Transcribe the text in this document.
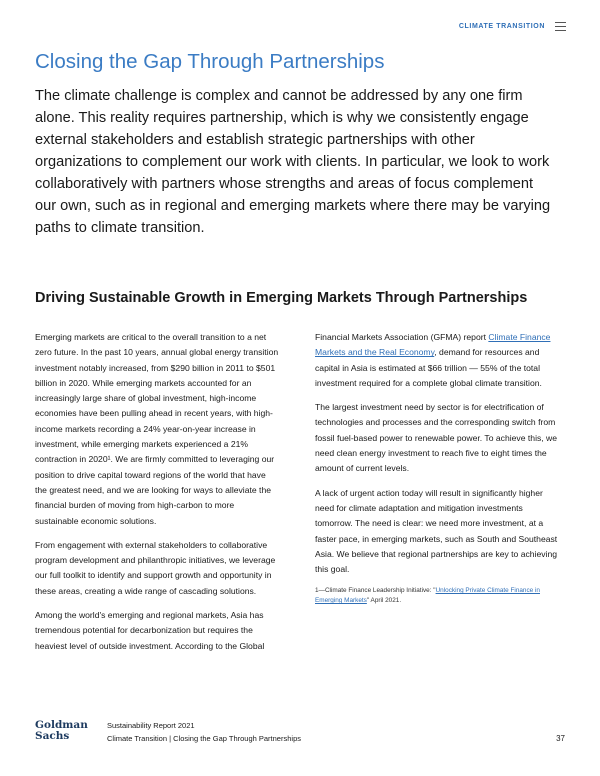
CLIMATE TRANSITION
Closing the Gap Through Partnerships

The climate challenge is complex and cannot be addressed by any one firm alone. This reality requires partnership, which is why we consistently engage external stakeholders and establish strategic partnerships with other organizations to complement our work with clients. In particular, we look to work collaboratively with partners whose strengths and areas of focus complement our own, such as in regional and emerging markets where there may be varying paths to climate transition.

Driving Sustainable Growth in Emerging Markets Through Partnerships

Emerging markets are critical to the overall transition to a net zero future. In the past 10 years, annual global energy transition investment notably increased, from $290 billion in 2011 to $501 billion in 2020. While emerging markets accounted for an increasingly large share of global investment, high-income economies have been pulling ahead in recent years, with high-income markets recording a 24% year-on-year increase in investment, while emerging markets experienced a 21% contraction in 2020¹. We are firmly committed to leveraging our position to drive capital toward regions of the world that have the greatest need, and we are looking for ways to alleviate the financial burden of moving from high-carbon to more sustainable economic solutions.

From engagement with external stakeholders to collaborative program development and philanthropic initiatives, we leverage our full toolkit to identify and support growth and opportunity in these areas, creating a wide range of cascading solutions.

Among the world's emerging and regional markets, Asia has tremendous potential for decarbonization but requires the heaviest level of outside investment. According to the Global

Financial Markets Association (GFMA) report Climate Finance Markets and the Real Economy, demand for resources and capital in Asia is estimated at $66 trillion — 55% of the total investment required for a complete global climate transition.

The largest investment need by sector is for electrification of technologies and processes and the corresponding switch from fossil fuel-based power to renewable power. To achieve this, we need clean energy investment to reach five to eight times the amount of current levels.

A lack of urgent action today will result in significantly higher need for climate adaptation and mitigation investments tomorrow. The need is clear: we need more investment, at a faster pace, in emerging markets, such as South and Southeast Asia. We believe that regional partnerships are key to achieving this goal.

1—Climate Finance Leadership Initiative: "Unlocking Private Climate Finance in Emerging Markets" April 2021.

Goldman
Sachs
Sustainability Report 2021
Climate Transition | Closing the Gap Through Partnerships	37
